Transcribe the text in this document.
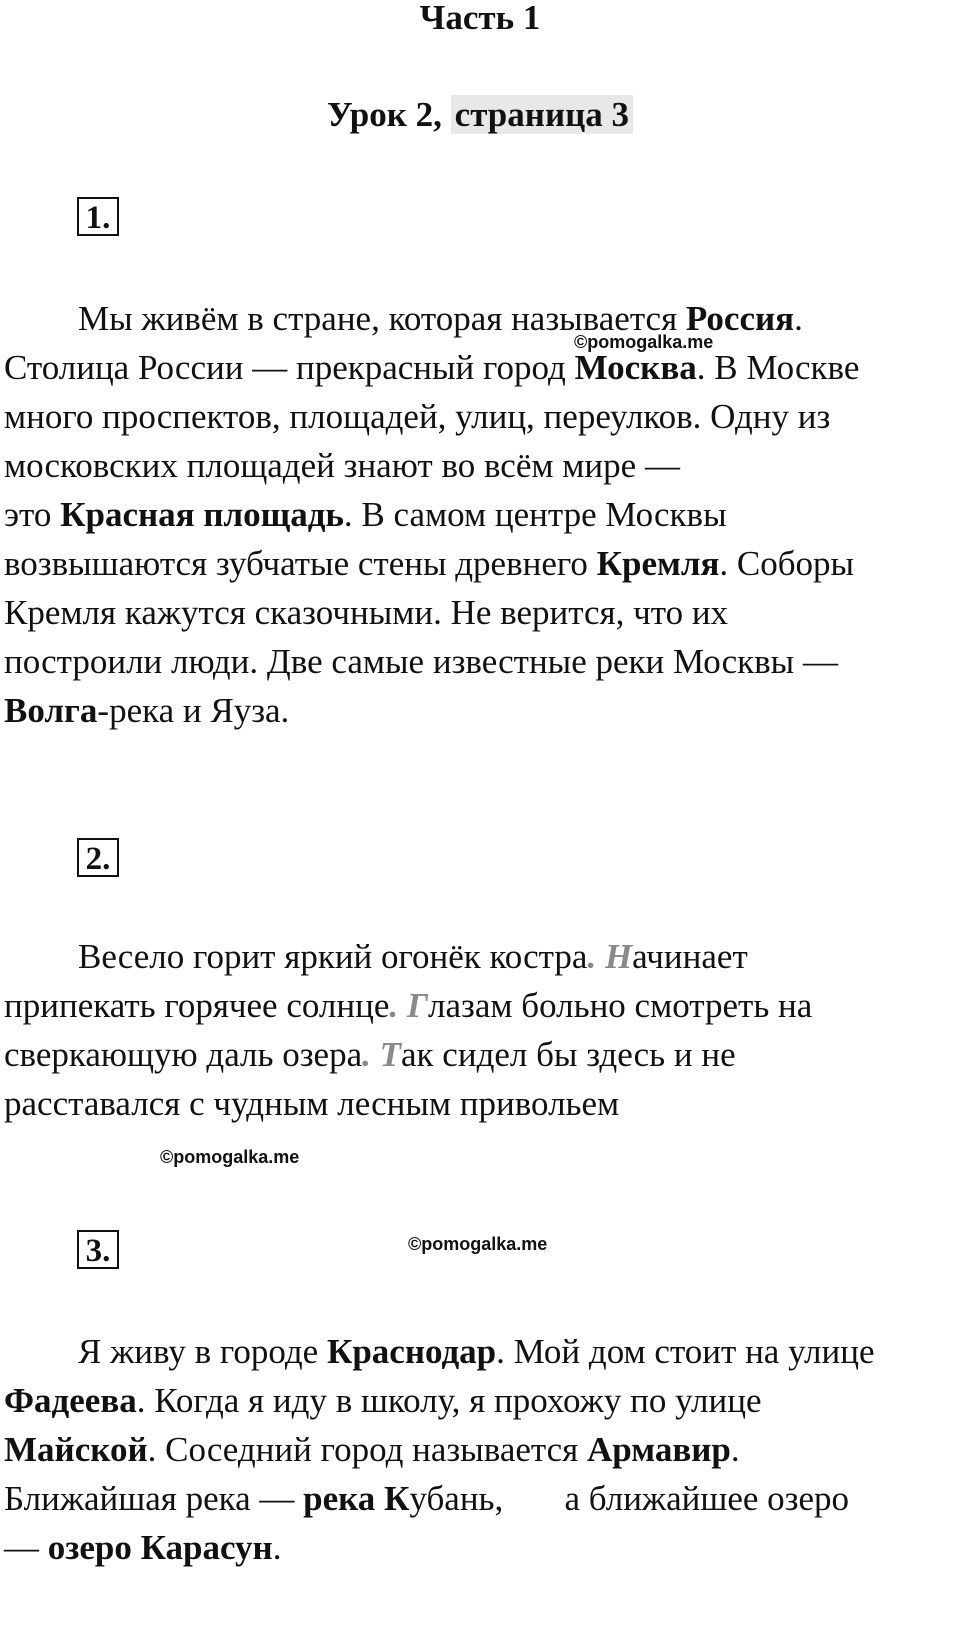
Часть 1
Урок 2, страница 3
1.

Мы живём в стране, которая называется Россия.

Столица России — прекрасный город Москва. В Москве

много проспектов, площадей, улиц, переулков. Одну из

московских площадей знают во всём мире —

это Красная площадь. В самом центре Москвы

возвышаются зубчатые стены древнего Кремля. Соборы

Кремля кажутся сказочными. Не верится, что их

построили люди. Две самые известные реки Москвы —

Волга-река и Яуза.

©pomogalka.me
2.

Весело горит яркий огонёк костра. Начинает

припекать горячее солнце. Глазам больно смотреть на

сверкающую даль озера. Так сидел бы здесь и не

расставался с чудным лесным привольем

©pomogalka.me
3.	©pomogalka.me

Я живу в городе Краснодар. Мой дом стоит на улице

Фадеева. Когда я иду в школу, я прохожу по улице

Майской. Соседний город называется Армавир.

Ближайшая река — река Кубань,       а ближайшее озеро

— озеро Карасун.
